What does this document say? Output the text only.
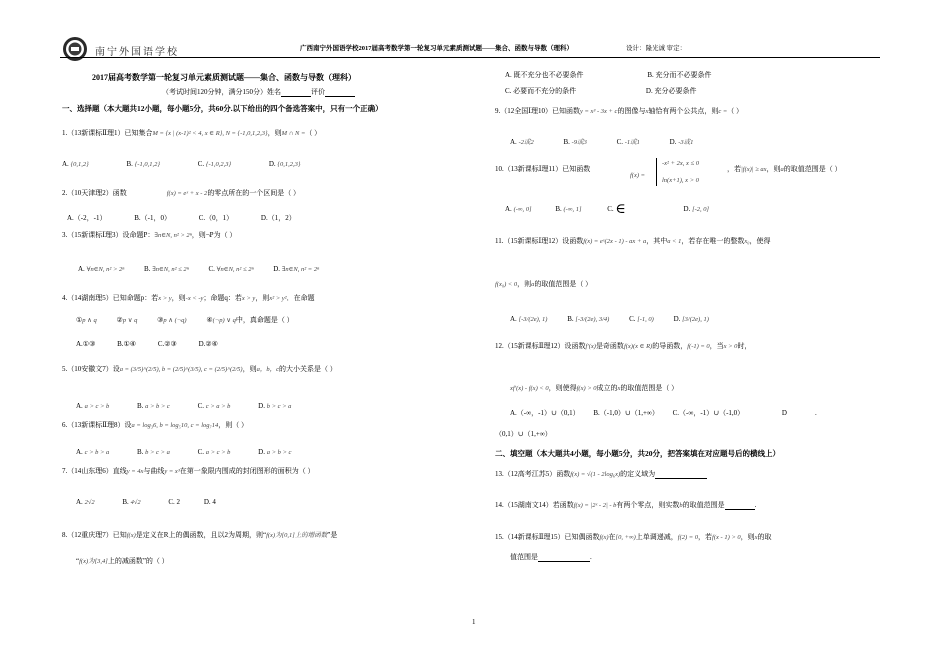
南宁外国语学校	广西南宁外国语学校2017届高考数学第一轮复习单元素质测试题——集合、函数与导数（理科）	设计：隆光诚 审定：
2017届高考数学第一轮复习单元素质测试题——集合、函数与导数（理科）
（考试时间120分钟，满分150分）姓名	评价
一、选择题（本大题共12小题，每小题5分，共60分.以下给出的四个备选答案中，只有一个正确）
1.（13新课标Ⅱ理1）已知集合M = {x | (x-1)² < 4, x ∈ R}, N = {-1,0,1,2,3}，则M ∩ N =（ ）
A. {0,1,2}	B. {-1,0,1,2}	C. {-1,0,2,3}	D. {0,1,2,3}
2.（10天津理2）函数	f(x) = eˣ + x - 2的零点所在的一个区间是（ ）
A.（-2，-1）	B.（-1，0）	C.（0，1）	D.（1，2）
3.（15新课标Ⅰ理3）设命题P：∃n∈N, n² > 2ⁿ，则¬P为（ ）
A. ∀n∈N, n² > 2ⁿ	B. ∃n∈N, n² ≤ 2ⁿ	C. ∀n∈N, n² ≤ 2ⁿ	D. ∃n∈N, n² = 2ⁿ
4.（14湖南理5）已知命题p：若x > y，则-x < -y；命题q：若x > y，则x² > y²．在命题
①p ∧ q	②p ∨ q	③p ∧ (¬q)	④(¬p) ∨ q中，真命题是（ ）
A.①③	B.①④	C.②③	D.②④
5.（10安徽文7）设a = (3/5)^(2/5), b = (2/5)^(3/5), c = (2/5)^(2/5)，则a，b，c的大小关系是（ ）
A. a > c > b	B. a > b > c	C. c > a > b	D. b > c > a
6.（13新课标Ⅱ理8）设a = log₃6, b = log₅10, c = log₇14，则（ ）
A. c > b > a	B. b > c > a	C. a > c > b	D. a > b > c
7.（14山东理6）直线y = 4x与曲线y = x³在第一象限内围成的封闭图形的面积为（ ）
A. 2√2	B. 4√2	C. 2	D. 4
8.（12重庆理7）已知f(x)是定义在R上的偶函数，且以2为周期，则“f(x)为[0,1]上的增函数”是
“f(x)为[3,4]上的减函数”的（ ）
A. 既不充分也不必要条件	B. 充分而不必要条件
C. 必要而不充分的条件	D. 充分必要条件
9.（12全国Ⅰ理10）已知函数y = x³ - 3x + c的图像与x轴恰有两个公共点，则c =（ ）
A. -2或2	B. -9或3	C. -1或1	D. -3或1
10.（13新课标Ⅰ理11）已知函数
f(x) =
-x² + 2x, x ≤ 0
ln(x+1), x > 0
，若|f(x)| ≥ ax，则a的取值范围是（ ）
A. (-∞, 0]	B. (-∞, 1]	C. ∈	D. [-2, 0]
11.（15新课标Ⅰ理12）设函数f(x) = eˣ(2x - 1) - ax + a，其中a < 1，若存在唯一的整数x₀，使得
f(x₀) < 0，则a的取值范围是（ ）
A. [-3/(2e), 1)	B. [-3/(2e), 3/4)	C. [-1, 0)	D. [3/(2e), 1)
12.（15新课标Ⅱ理12）设函数f'(x)是奇函数f(x)(x ∈ R)的导函数，f(-1) = 0，当x > 0时，
xf'(x) - f(x) < 0，则使得f(x) > 0成立的x的取值范围是（ ）
A.（-∞，-1）∪（0,1） B.（-1,0）∪（1,+∞） C.（-∞，-1）∪（-1,0）	D	.
（0,1）∪（1,+∞）
二、填空题（本大题共4小题，每小题5分，共20分，把答案填在对应题号后的横线上）
13.（12高考江苏5）函数f(x) = √(1 - 2log₆x)的定义域为
14.（15湖南文14）若函数f(x) = |2ˣ - 2| - b有两个零点，则实数b的取值范围是	.
15.（14新课标Ⅱ理15）已知偶函数f(x)在[0, +∞)上单调递减，f(2) = 0，若f(x - 1) > 0，则x的取
值范围是	.
1
